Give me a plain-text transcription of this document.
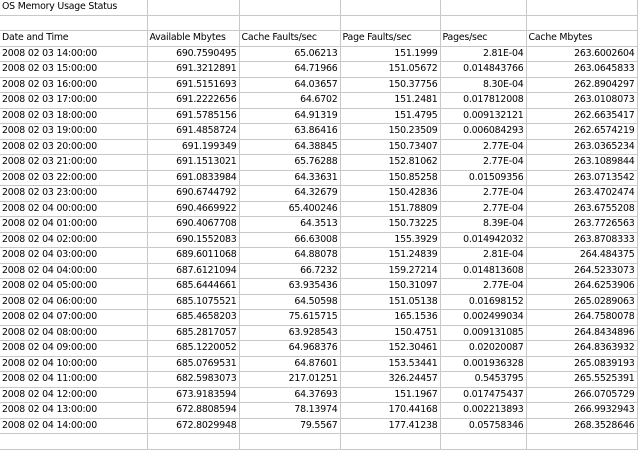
OS Memory Usage Status					

Date and Time	Available Mbytes	Cache Faults/sec	Page Faults/sec	Pages/sec	Cache Mbytes
2008 02 03 14:00:00	690.7590495	65.06213	151.1999	2.81E-04	263.6002604
2008 02 03 15:00:00	691.3212891	64.71966	151.05672	0.014843766	263.0645833
2008 02 03 16:00:00	691.5151693	64.03657	150.37756	8.30E-04	262.8904297
2008 02 03 17:00:00	691.2222656	64.6702	151.2481	0.017812008	263.0108073
2008 02 03 18:00:00	691.5785156	64.91319	151.4795	0.009132121	262.6635417
2008 02 03 19:00:00	691.4858724	63.86416	150.23509	0.006084293	262.6574219
2008 02 03 20:00:00	691.199349	64.38845	150.73407	2.77E-04	263.0365234
2008 02 03 21:00:00	691.1513021	65.76288	152.81062	2.77E-04	263.1089844
2008 02 03 22:00:00	691.0833984	64.33631	150.85258	0.01509356	263.0713542
2008 02 03 23:00:00	690.6744792	64.32679	150.42836	2.77E-04	263.4702474
2008 02 04 00:00:00	690.4669922	65.400246	151.78809	2.77E-04	263.6755208
2008 02 04 01:00:00	690.4067708	64.3513	150.73225	8.39E-04	263.7726563
2008 02 04 02:00:00	690.1552083	66.63008	155.3929	0.014942032	263.8708333
2008 02 04 03:00:00	689.6011068	64.88078	151.24839	2.81E-04	264.484375
2008 02 04 04:00:00	687.6121094	66.7232	159.27214	0.014813608	264.5233073
2008 02 04 05:00:00	685.6444661	63.935436	150.31097	2.77E-04	264.6253906
2008 02 04 06:00:00	685.1075521	64.50598	151.05138	0.01698152	265.0289063
2008 02 04 07:00:00	685.4658203	75.615715	165.1536	0.002499034	264.7580078
2008 02 04 08:00:00	685.2817057	63.928543	150.4751	0.009131085	264.8434896
2008 02 04 09:00:00	685.1220052	64.968376	152.30461	0.02020087	264.8363932
2008 02 04 10:00:00	685.0769531	64.87601	153.53441	0.001936328	265.0839193
2008 02 04 11:00:00	682.5983073	217.01251	326.24457	0.5453795	265.5525391
2008 02 04 12:00:00	673.9183594	64.37693	151.1967	0.017475437	266.0705729
2008 02 04 13:00:00	672.8808594	78.13974	170.44168	0.002213893	266.9932943
2008 02 04 14:00:00	672.8029948	79.5567	177.41238	0.05758346	268.3528646
